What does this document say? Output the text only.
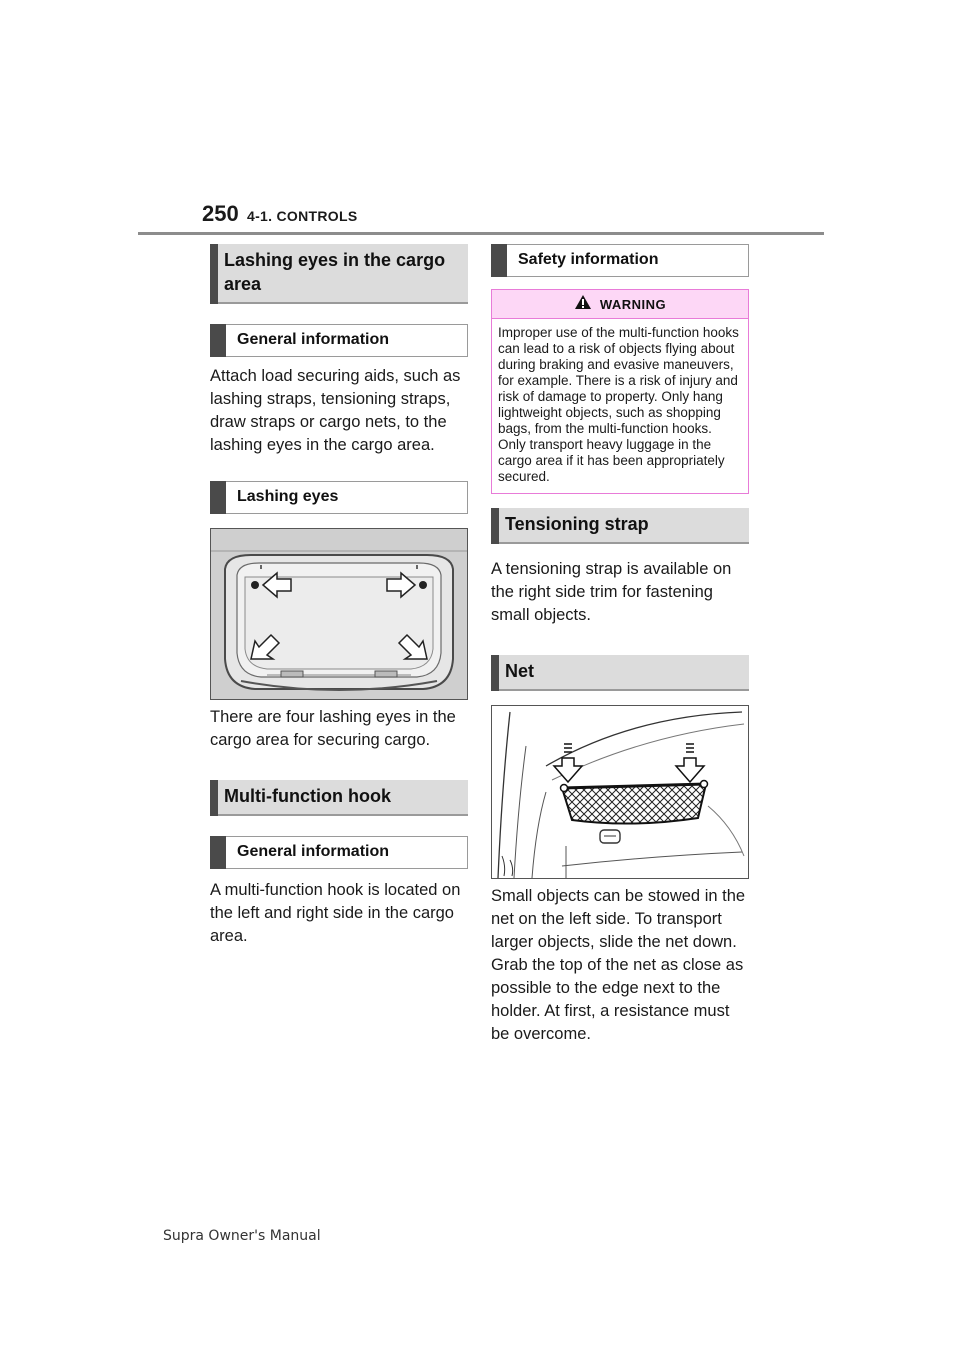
250 4-1. CONTROLS
Lashing eyes in the cargo area
General information

Attach load securing aids, such as lashing straps, tensioning straps, draw straps or cargo nets, to the lashing eyes in the cargo area.

Lashing eyes

There are four lashing eyes in the cargo area for securing cargo.

Multi-function hook
General information

A multi-function hook is located on the left and right side in the cargo area.

Safety information
WARNING

Improper use of the multi-function hooks can lead to a risk of objects flying about during braking and evasive maneuvers, for example. There is a risk of injury and risk of damage to property. Only hang lightweight objects, such as shopping bags, from the multi-function hooks. Only transport heavy luggage in the cargo area if it has been appropriately secured.

Tensioning strap

A tensioning strap is available on the right side trim for fastening small objects.

Net

Small objects can be stowed in the net on the left side. To transport larger objects, slide the net down. Grab the top of the net as close as possible to the edge next to the holder. At first, a resistance must be overcome.

Supra Owner's Manual
